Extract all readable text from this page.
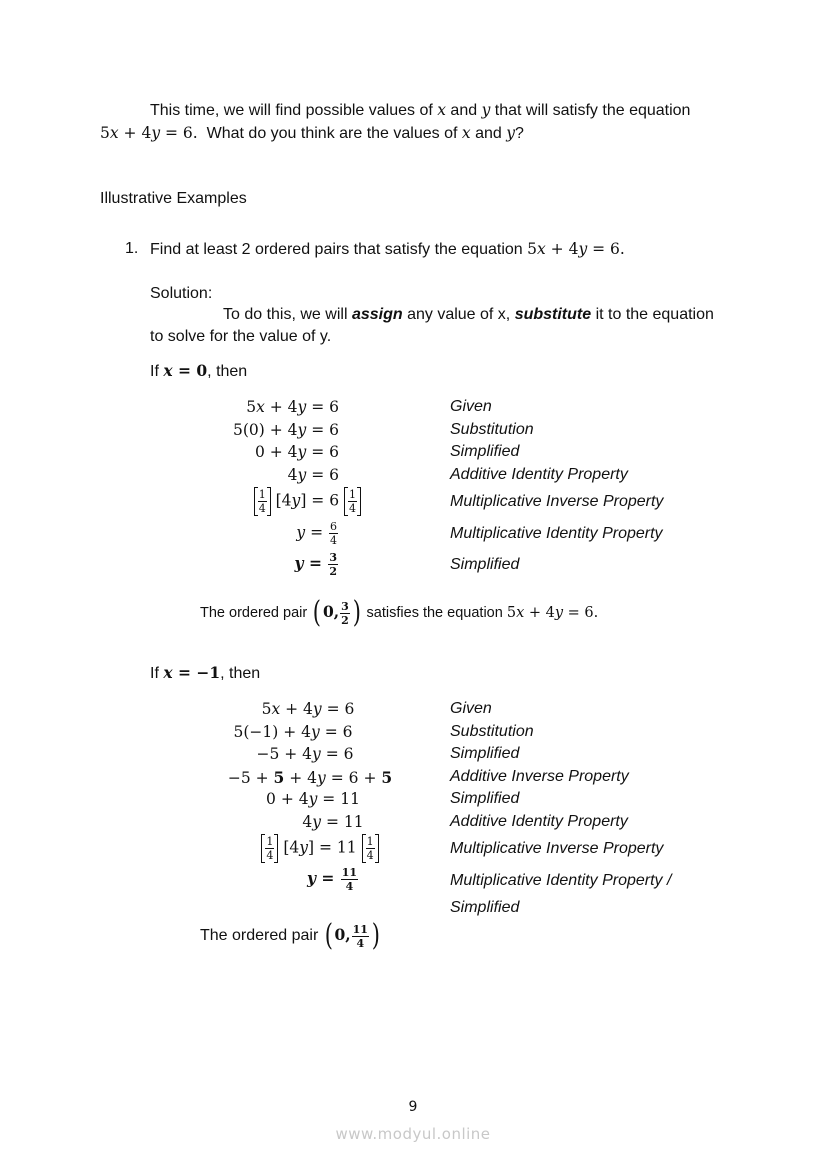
This time, we will find possible values of x and y that will satisfy the equation
5x + 4y = 6.  What do you think are the values of x and y?
Illustrative Examples
1. Find at least 2 ordered pairs that satisfy the equation 5x + 4y = 6.
Solution:
To do this, we will assign any value of x, substitute it to the equation
to solve for the value of y.
If x = 0, then
5x + 4y = 6
5(0) + 4y = 6
0 + 4y = 6
4y = 6
$\frac{1}{4} [4y] = 6 \frac{1}{4}$
$y = \frac{6}{4}$
$y = \frac{3}{2}$
Given
Substitution
Simplified
Additive Identity Property
Multiplicative Inverse Property
Multiplicative Identity Property
Simplified
The ordered pair ( 0, $\frac{3}{2}$ ) satisfies the equation 5x + 4y = 6.
If x = −1, then
5x + 4y = 6
5(−1) + 4y = 6
−5 + 4y = 6
−5 + 5 + 4y = 6 + 5
0 + 4y = 11
4y = 11
$\frac{1}{4} [4y] = 11 \frac{1}{4}$
$y = \frac{11}{4}$
Given
Substitution
Simplified
Additive Inverse Property
Simplified
Additive Identity Property
Multiplicative Inverse Property
Multiplicative Identity Property /
Simplified
The ordered pair ( 0, $\frac{11}{4}$ )
9
www.modyul.online
